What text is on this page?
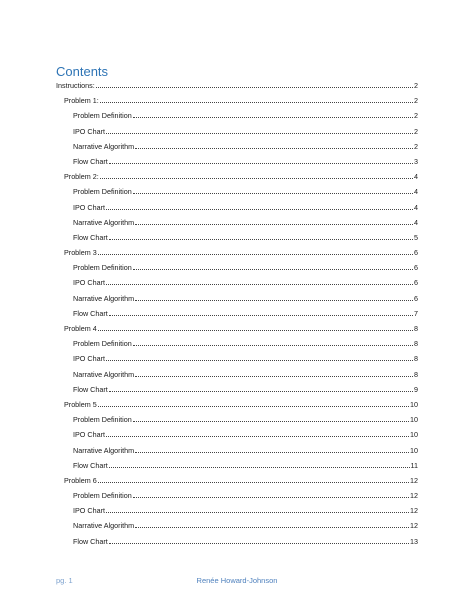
Contents
Instructions:	2
Problem 1:	2
Problem Definition	2
IPO Chart	2
Narrative Algorithm	2
Flow Chart	3
Problem 2:	4
Problem Definition	4
IPO Chart	4
Narrative Algorithm	4
Flow Chart	5
Problem 3	6
Problem Definition	6
IPO Chart	6
Narrative Algorithm	6
Flow Chart	7
Problem 4	8
Problem Definition	8
IPO Chart	8
Narrative Algorithm	8
Flow Chart	9
Problem 5	10
Problem Definition	10
IPO Chart	10
Narrative Algorithm	10
Flow Chart	11
Problem 6	12
Problem Definition	12
IPO Chart	12
Narrative Algorithm	12
Flow Chart	13
pg. 1	Renée Howard-Johnson
